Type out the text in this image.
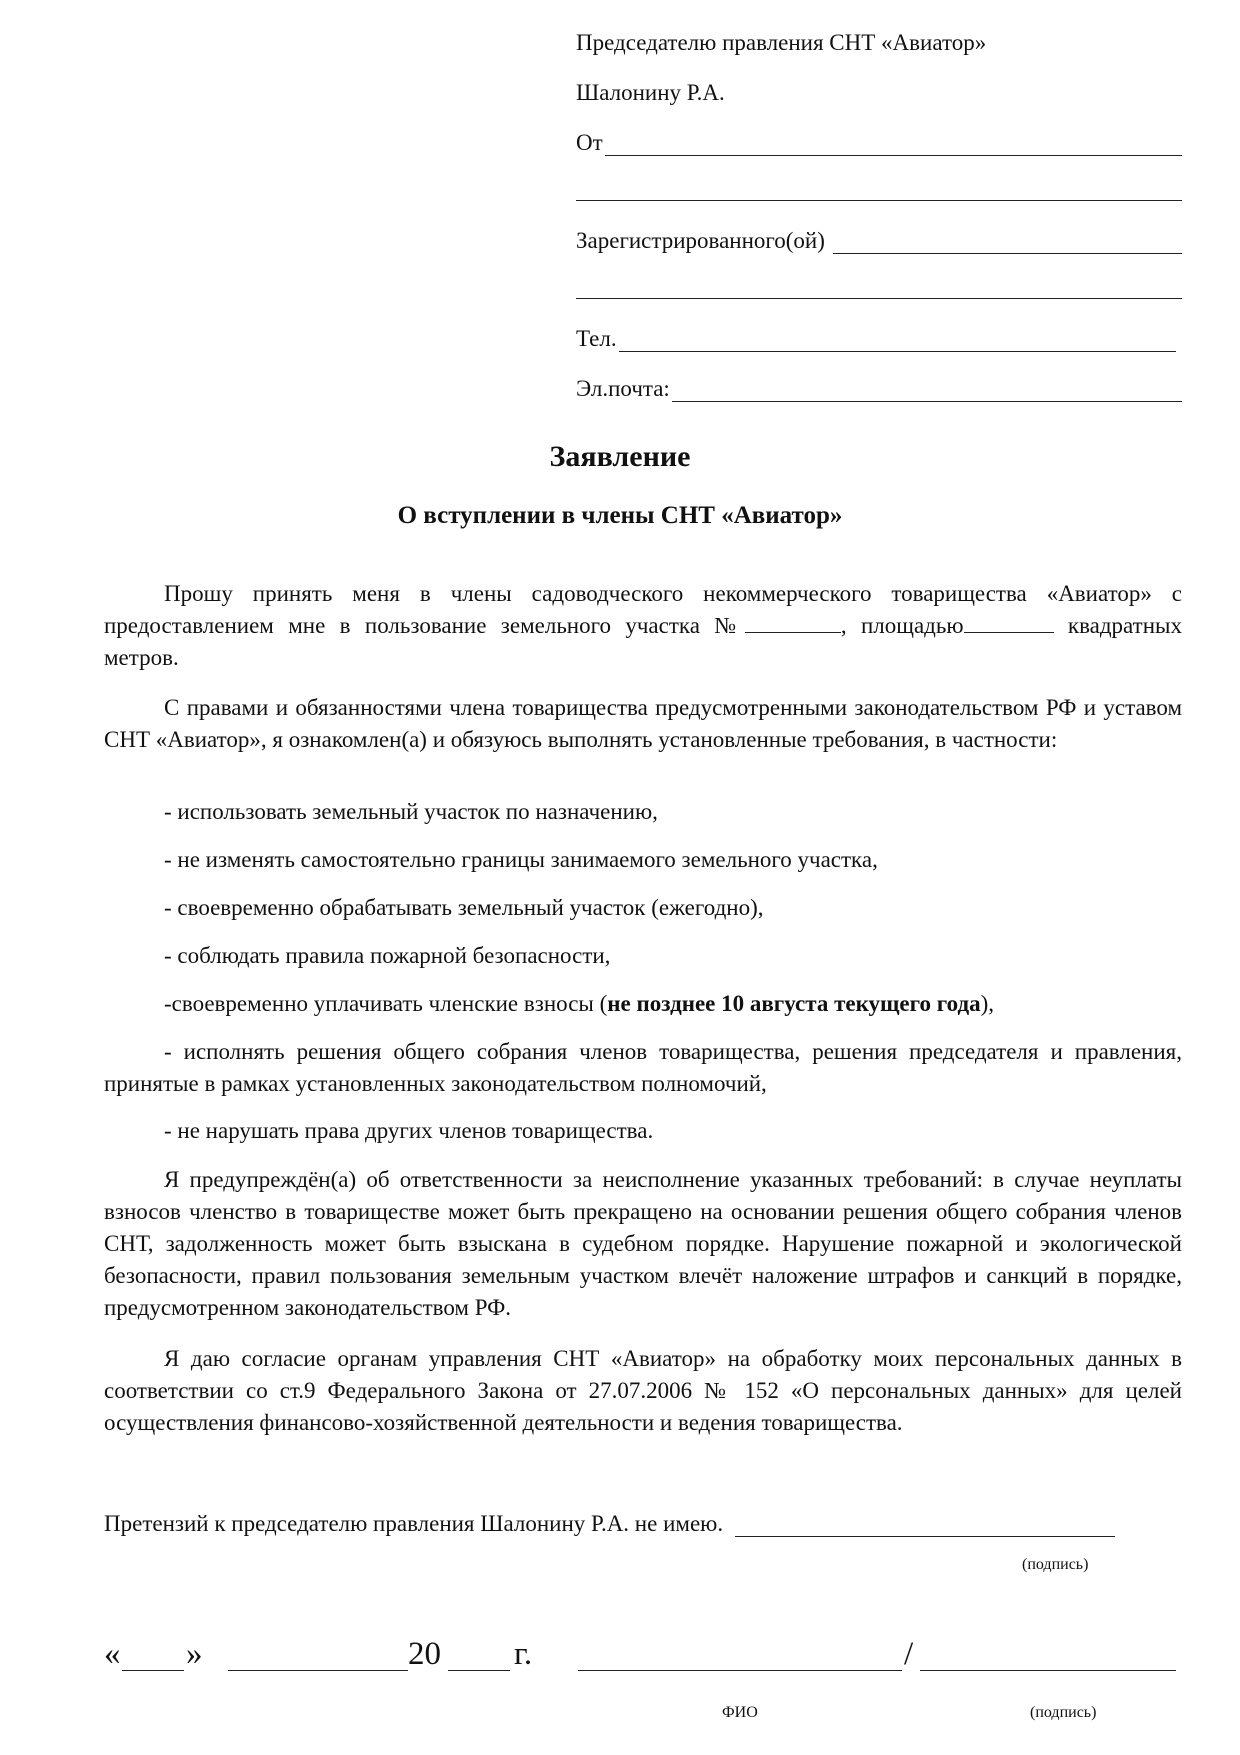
Председателю правления СНТ «Авиатор»
Шалонину Р.А.
От
Зарегистрированного(ой)
Тел.
Эл.почта:
Заявление
О вступлении в члены СНТ «Авиатор»

Прошу принять меня в члены садоводческого некоммерческого товарищества «Авиатор» с предоставлением мне в пользование земельного участка №	, площадью	квадратных метров.

С правами и обязанностями члена товарищества предусмотренными законодательством РФ и уставом СНТ «Авиатор», я ознакомлен(а) и обязуюсь выполнять установленные требования, в частности:

- использовать земельный участок по назначению,

- не изменять самостоятельно границы занимаемого земельного участка,

- своевременно обрабатывать земельный участок (ежегодно),

- соблюдать правила пожарной безопасности,

-своевременно уплачивать членские взносы (не позднее 10 августа текущего года),

- исполнять решения общего собрания членов товарищества, решения председателя и правления, принятые в рамках установленных законодательством полномочий,

- не нарушать права других членов товарищества.

Я предупреждён(а) об ответственности за неисполнение указанных требований: в случае неуплаты взносов членство в товариществе может быть прекращено на основании решения общего собрания членов СНТ, задолженность может быть взыскана в судебном порядке. Нарушение пожарной и экологической безопасности, правил пользования земельным участком влечёт наложение штрафов и санкций в порядке, предусмотренном законодательством РФ.

Я даю согласие органам управления СНТ «Авиатор» на обработку моих персональных данных в соответствии со ст.9 Федерального Закона от 27.07.2006 № 152 «О персональных данных» для целей осуществления финансово-хозяйственной деятельности и ведения товарищества.

Претензий к председателю правления Шалонину Р.А. не имею.
(подпись)
« »	20 г.	/
ФИО	(подпись)
